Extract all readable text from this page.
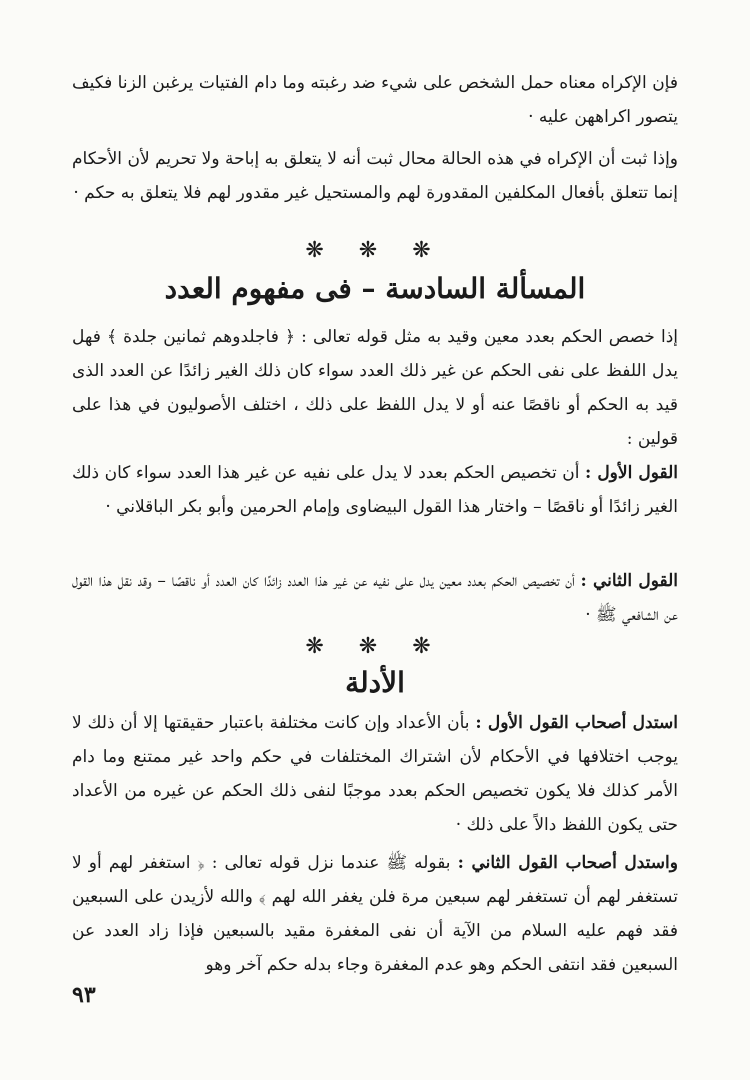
فإن الإكراه معناه حمل الشخص على شيء ضد رغبته وما دام الفتيات يرغبن الزنا فكيف يتصور اكراههن عليه ·

وإذا ثبت أن الإكراه في هذه الحالة محال ثبت أنه لا يتعلق به إباحة ولا تحريم لأن الأحكام إنما تتعلق بأفعال المكلفين المقدورة لهم والمستحيل غير مقدور لهم فلا يتعلق به حكم ·

❋ ❋ ❋
المسألة السادسة – فى مفهوم العدد

إذا خصص الحكم بعدد معين وقيد به مثل قوله تعالى : ﴿ فاجلدوهم ثمانين جلدة ﴾ فهل يدل اللفظ على نفى الحكم عن غير ذلك العدد سواء كان ذلك الغير زائدًا عن العدد الذى قيد به الحكم أو ناقصًا عنه أو لا يدل اللفظ على ذلك ، اختلف الأصوليون في هذا على قولين :

القول الأول : أن تخصيص الحكم بعدد لا يدل على نفيه عن غير هذا العدد سواء كان ذلك الغير زائدًا أو ناقصًا – واختار هذا القول البيضاوى وإمام الحرمين وأبو بكر الباقلاني ·

القول الثاني : أن تخصيص الحكم بعدد معين يدل على نفيه عن غير هذا العدد زائدًا كان العدد أو ناقصًا – وقد نقل هذا القول عن الشافعي ﷺ ·

❋ ❋ ❋
الأدلة

استدل أصحاب القول الأول : بأن الأعداد وإن كانت مختلفة باعتبار حقيقتها إلا أن ذلك لا يوجب اختلافها في الأحكام لأن اشتراك المختلفات في حكم واحد غير ممتنع وما دام الأمر كذلك فلا يكون تخصيص الحكم بعدد موجبًا لنفى ذلك الحكم عن غيره من الأعداد حتى يكون اللفظ دالاً على ذلك ·

واستدل أصحاب القول الثاني : بقوله ﷺ عندما نزل قوله تعالى : ﴿ استغفر لهم أو لا تستغفر لهم أن تستغفر لهم سبعين مرة فلن يغفر الله لهم ﴾ والله لأزيدن على السبعين فقد فهم عليه السلام من الآية أن نفى المغفرة مقيد بالسبعين فإذا زاد العدد عن السبعين فقد انتفى الحكم وهو عدم المغفرة وجاء بدله حكم آخر وهو

٩٣
